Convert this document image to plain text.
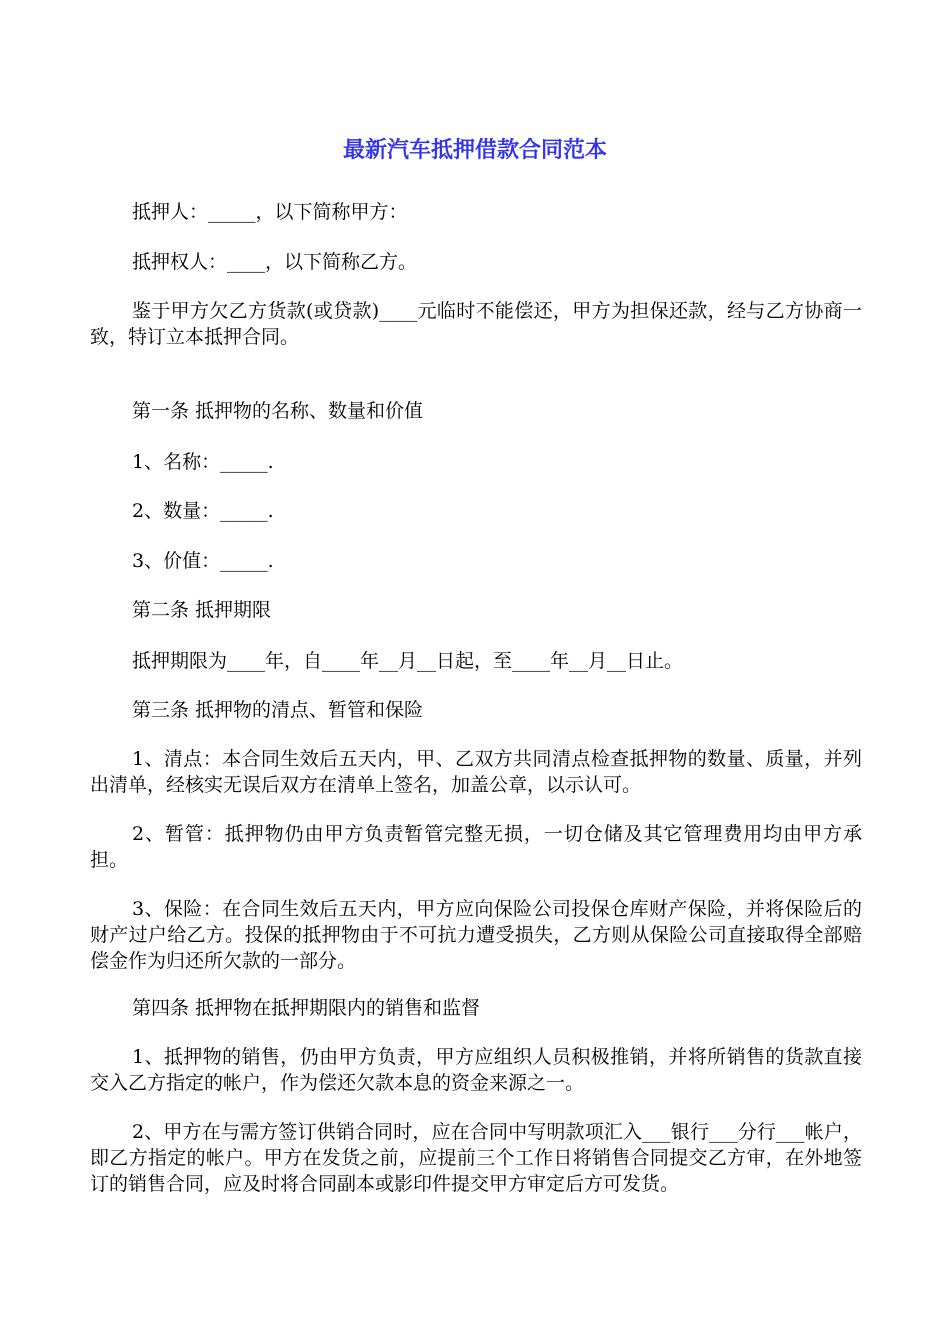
最新汽车抵押借款合同范本

抵押人：_____，以下简称甲方：

抵押权人：____，以下简称乙方。

鉴于甲方欠乙方货款(或贷款)____元临时不能偿还，甲方为担保还款，经与乙方协商一致，特订立本抵押合同。

第一条 抵押物的名称、数量和价值

1、名称：_____.

2、数量：_____.

3、价值：_____.

第二条 抵押期限

抵押期限为____年，自____年__月__日起，至____年__月__日止。

第三条 抵押物的清点、暂管和保险

1、清点：本合同生效后五天内，甲、乙双方共同清点检查抵押物的数量、质量，并列出清单，经核实无误后双方在清单上签名，加盖公章，以示认可。

2、暂管：抵押物仍由甲方负责暂管完整无损，一切仓储及其它管理费用均由甲方承担。

3、保险：在合同生效后五天内，甲方应向保险公司投保仓库财产保险，并将保险后的财产过户给乙方。投保的抵押物由于不可抗力遭受损失，乙方则从保险公司直接取得全部赔偿金作为归还所欠款的一部分。

第四条 抵押物在抵押期限内的销售和监督

1、抵押物的销售，仍由甲方负责，甲方应组织人员积极推销，并将所销售的货款直接交入乙方指定的帐户，作为偿还欠款本息的资金来源之一。

2、甲方在与需方签订供销合同时，应在合同中写明款项汇入___银行___分行___帐户，即乙方指定的帐户。甲方在发货之前，应提前三个工作日将销售合同提交乙方审，在外地签订的销售合同，应及时将合同副本或影印件提交甲方审定后方可发货。
